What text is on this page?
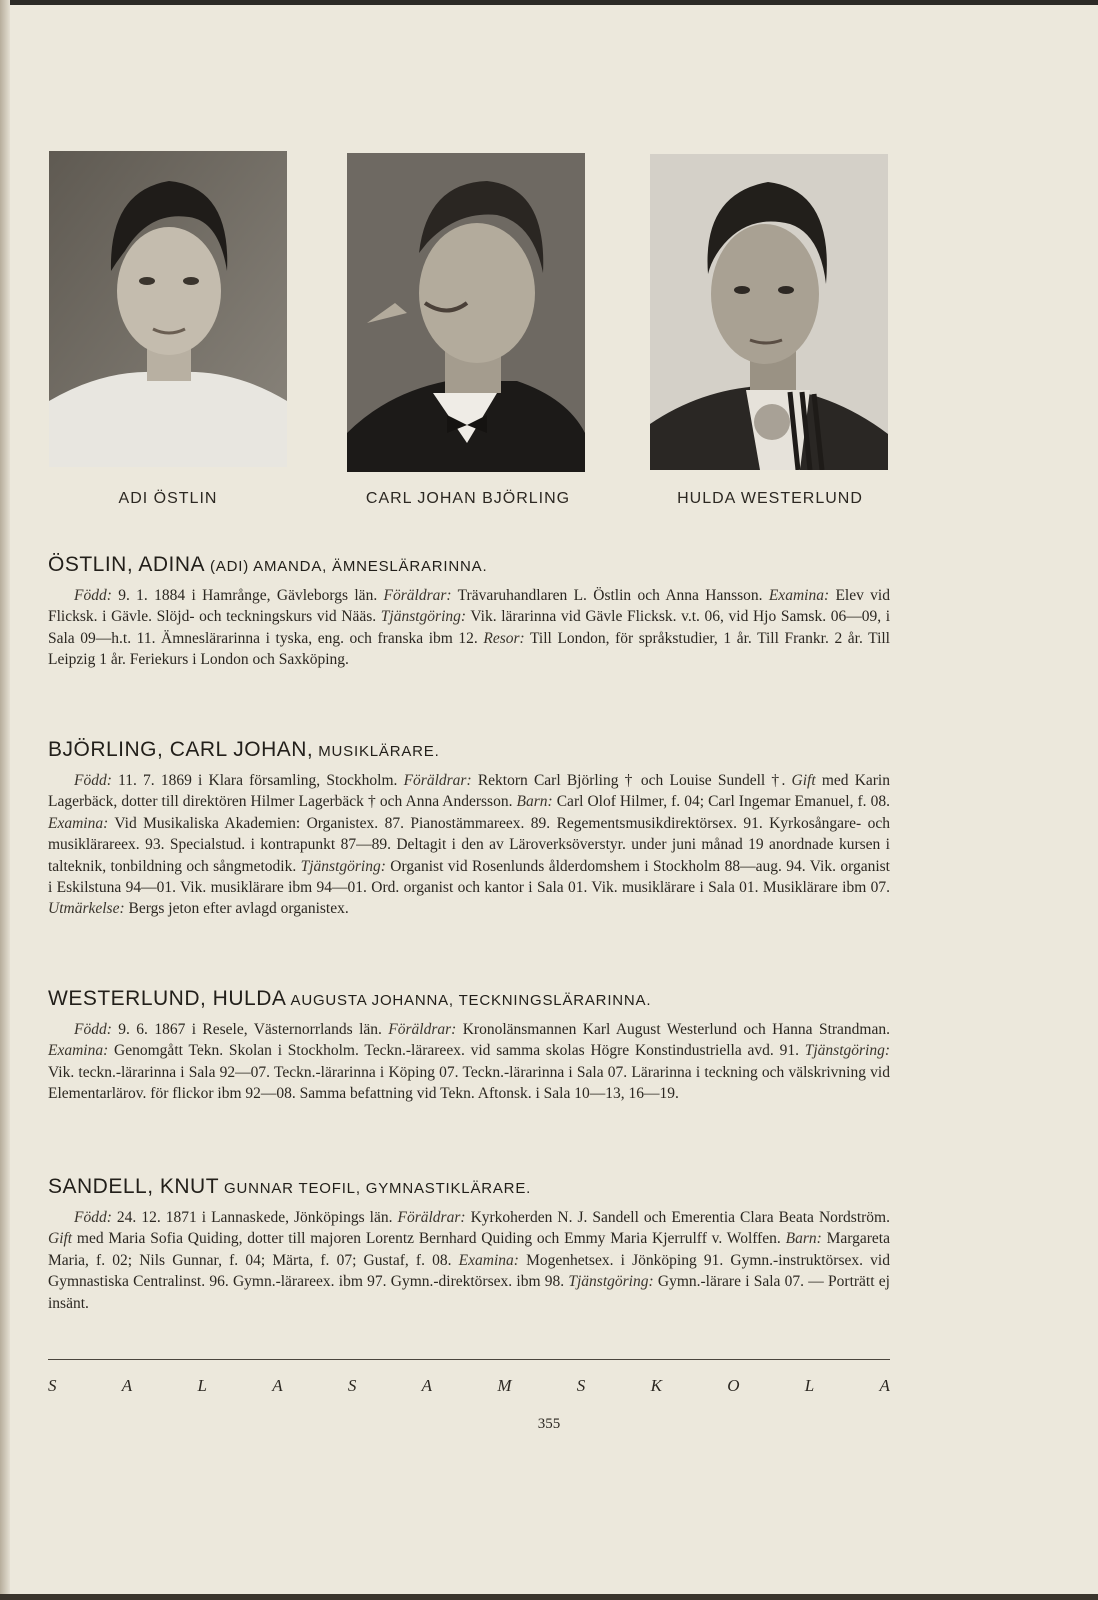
ADI ÖSTLIN	CARL JOHAN BJÖRLING	HULDA WESTERLUND
ÖSTLIN, ADINA (ADI) AMANDA, ÄMNESLÄRARINNA.

Född: 9. 1. 1884 i Hamrånge, Gävleborgs län. Föräldrar: Trävaruhandlaren L. Östlin och Anna Hansson. Examina: Elev vid Flicksk. i Gävle. Slöjd- och teckningskurs vid Nääs. Tjänstgöring: Vik. lärarinna vid Gävle Flicksk. v.t. 06, vid Hjo Samsk. 06—09, i Sala 09—h.t. 11. Ämneslärarinna i tyska, eng. och franska ibm 12. Resor: Till London, för språkstudier, 1 år. Till Frankr. 2 år. Till Leipzig 1 år. Feriekurs i London och Saxköping.

BJÖRLING, CARL JOHAN, MUSIKLÄRARE.

Född: 11. 7. 1869 i Klara församling, Stockholm. Föräldrar: Rektorn Carl Björling † och Louise Sundell †. Gift med Karin Lagerbäck, dotter till direktören Hilmer Lagerbäck † och Anna Andersson. Barn: Carl Olof Hilmer, f. 04; Carl Ingemar Emanuel, f. 08. Examina: Vid Musikaliska Akademien: Organistex. 87. Pianostämmareex. 89. Regementsmusikdirektörsex. 91. Kyrkosångare- och musiklärareex. 93. Specialstud. i kontrapunkt 87—89. Deltagit i den av Läroverksöverstyr. under juni månad 19 anordnade kursen i talteknik, tonbildning och sångmetodik. Tjänstgöring: Organist vid Rosenlunds ålderdomshem i Stockholm 88—aug. 94. Vik. organist i Eskilstuna 94—01. Vik. musiklärare ibm 94—01. Ord. organist och kantor i Sala 01. Vik. musiklärare i Sala 01. Musiklärare ibm 07. Utmärkelse: Bergs jeton efter avlagd organistex.

WESTERLUND, HULDA AUGUSTA JOHANNA, TECKNINGSLÄRARINNA.

Född: 9. 6. 1867 i Resele, Västernorrlands län. Föräldrar: Kronolänsmannen Karl August Westerlund och Hanna Strandman. Examina: Genomgått Tekn. Skolan i Stockholm. Teckn.-lärareex. vid samma skolas Högre Konstindustriella avd. 91. Tjänstgöring: Vik. teckn.-lärarinna i Sala 92—07. Teckn.-lärarinna i Köping 07. Teckn.-lärarinna i Sala 07. Lärarinna i teckning och välskrivning vid Elementarlärov. för flickor ibm 92—08. Samma befattning vid Tekn. Aftonsk. i Sala 10—13, 16—19.

SANDELL, KNUT GUNNAR TEOFIL, GYMNASTIKLÄRARE.

Född: 24. 12. 1871 i Lannaskede, Jönköpings län. Föräldrar: Kyrkoherden N. J. Sandell och Emerentia Clara Beata Nordström. Gift med Maria Sofia Quiding, dotter till majoren Lorentz Bernhard Quiding och Emmy Maria Kjerrulff v. Wolffen. Barn: Margareta Maria, f. 02; Nils Gunnar, f. 04; Märta, f. 07; Gustaf, f. 08. Examina: Mogenhetsex. i Jönköping 91. Gymn.-instruktörsex. vid Gymnastiska Centralinst. 96. Gymn.-lärareex. ibm 97. Gymn.-direktörsex. ibm 98. Tjänstgöring: Gymn.-lärare i Sala 07. — Porträtt ej insänt.

S	A	L	A	S	A	M	S	K	O	L	A
355
